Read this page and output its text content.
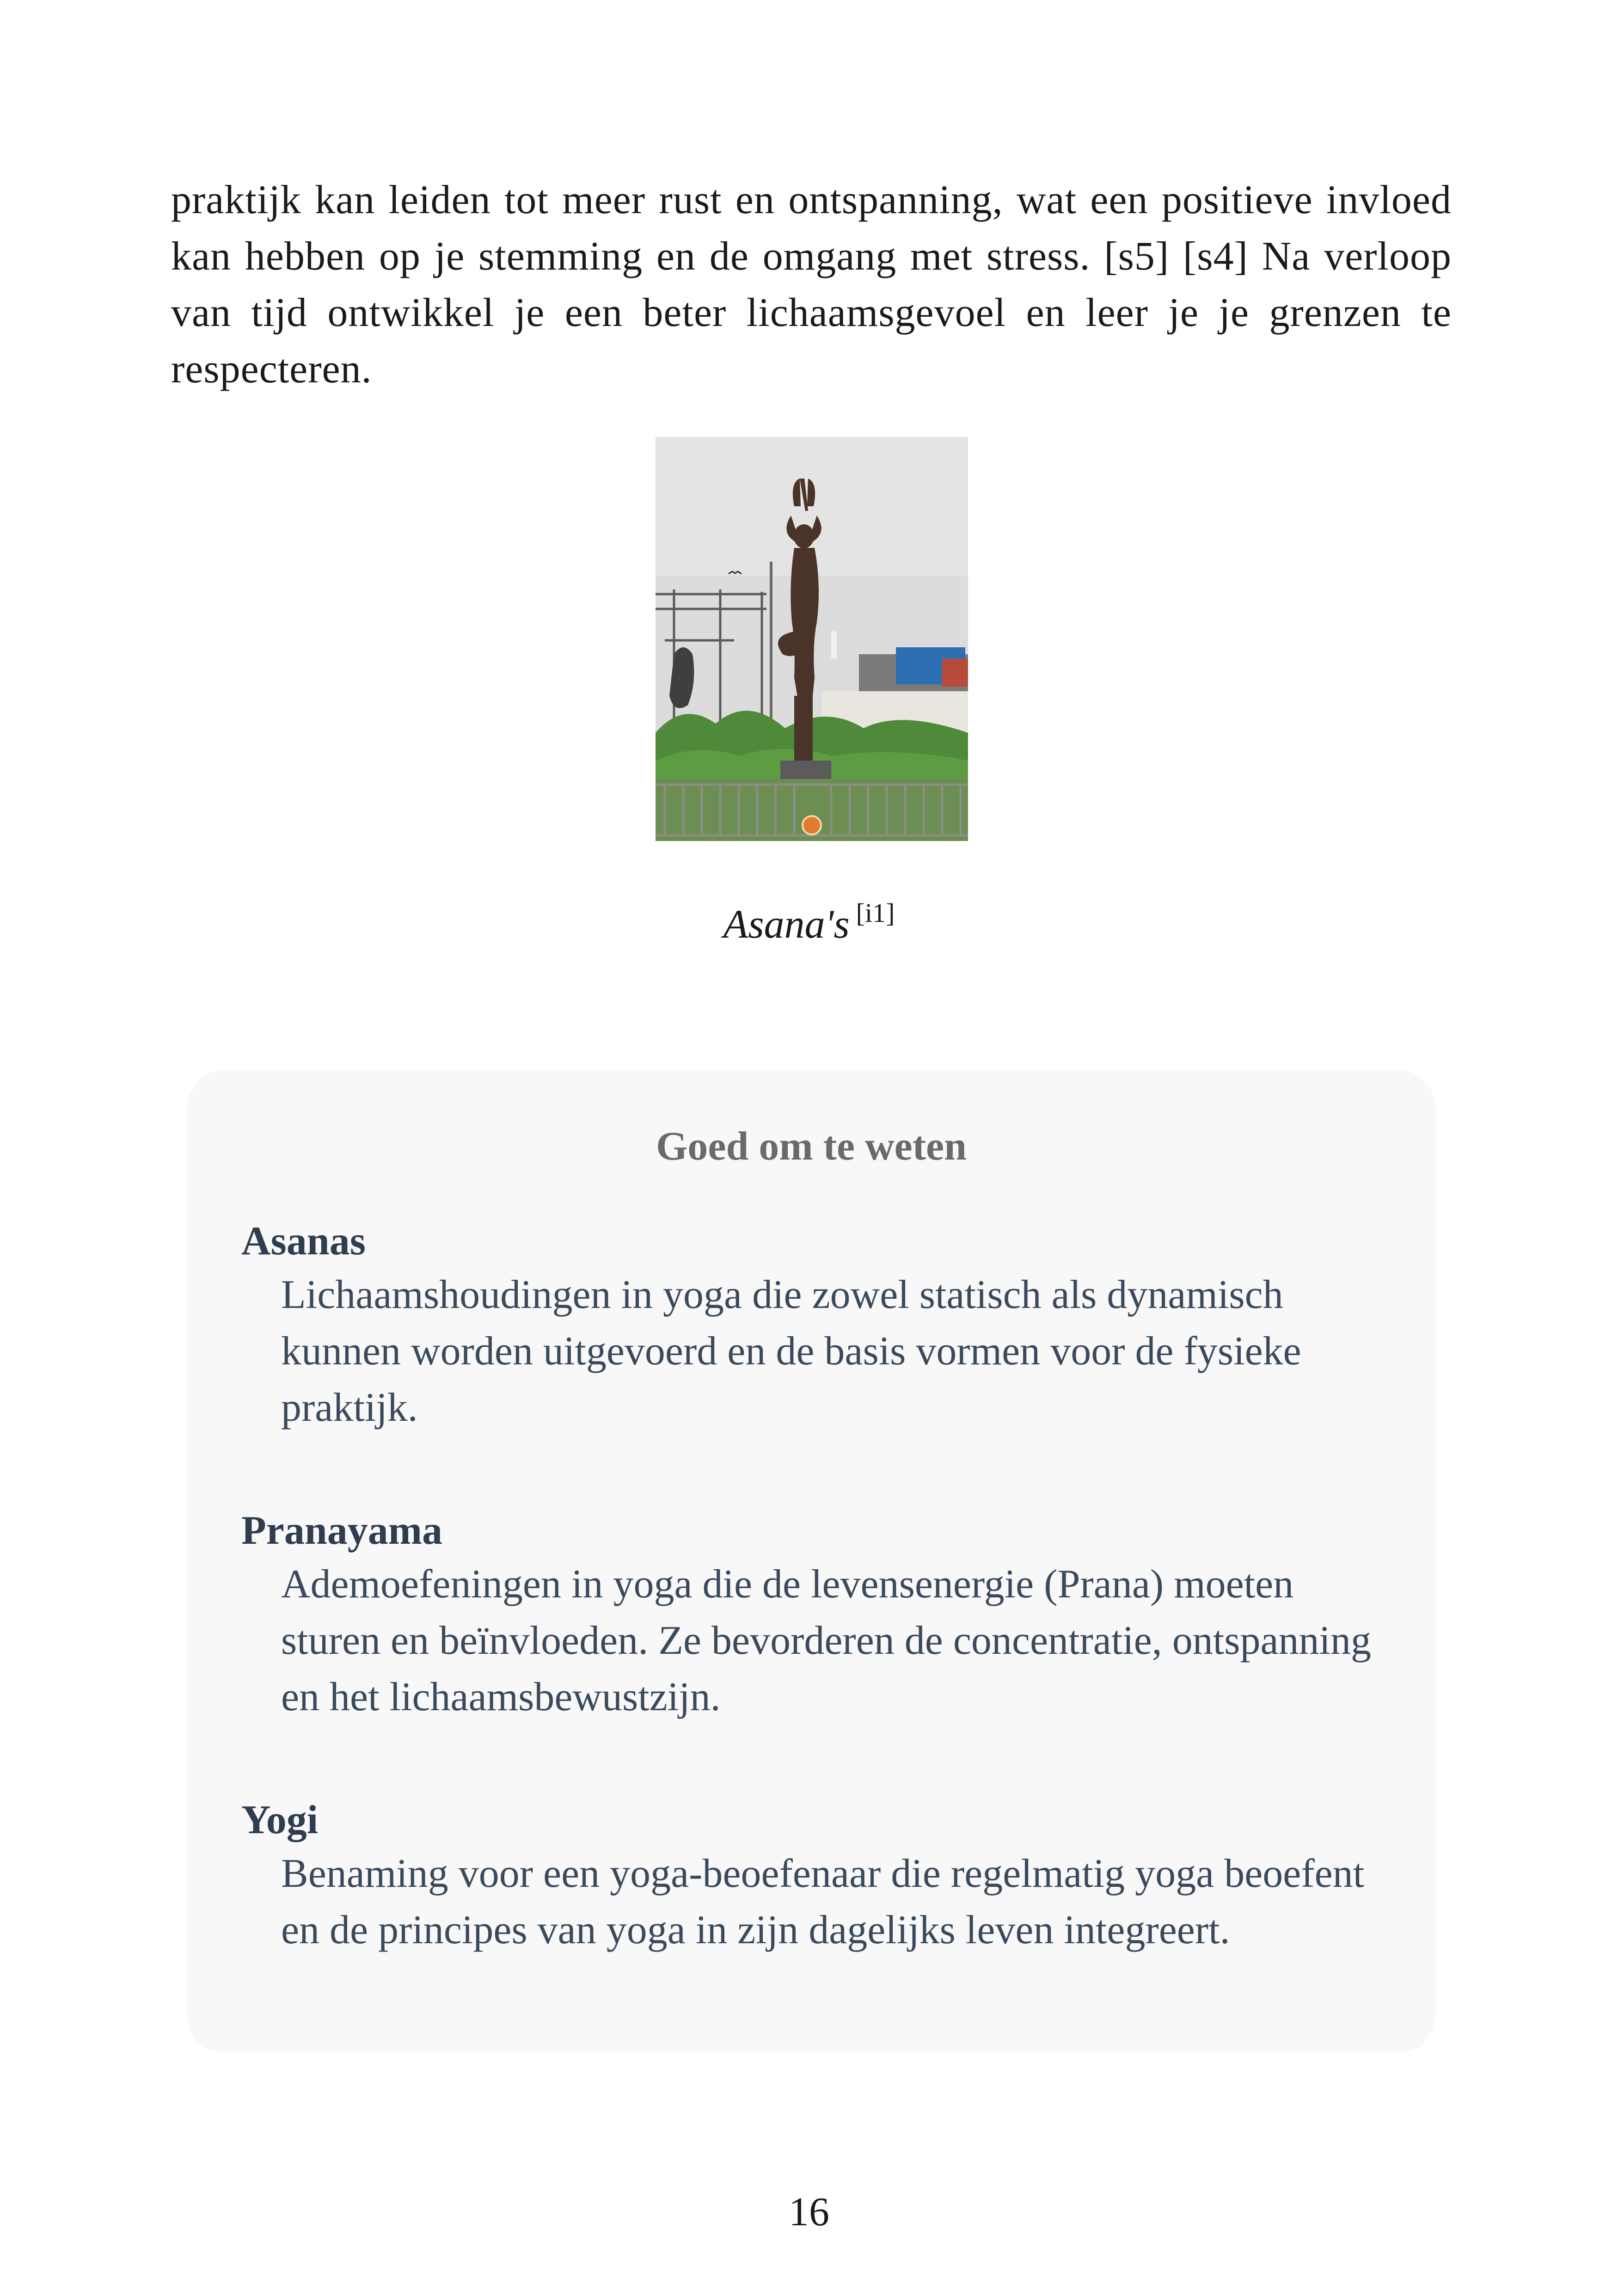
praktijk kan leiden tot meer rust en ontspanning, wat een positieve invloed kan hebben op je stemming en de omgang met stress. [s5] [s4] Na verloop van tijd ontwikkel je een beter lichaamsgevoel en leer je je grenzen te respecteren.

Asana's [i1]

Goed om te weten

Asanas

Lichaamshoudingen in yoga die zowel statisch als dynamisch kunnen worden uitgevoerd en de basis vormen voor de fysieke praktijk.

Pranayama

Ademoefeningen in yoga die de levensenergie (Prana) moeten sturen en beïnvloeden. Ze bevorderen de concentratie, ontspanning en het lichaamsbewustzijn.

Yogi

Benaming voor een yoga-beoefenaar die regelmatig yoga beoefent en de principes van yoga in zijn dagelijks leven integreert.

16
